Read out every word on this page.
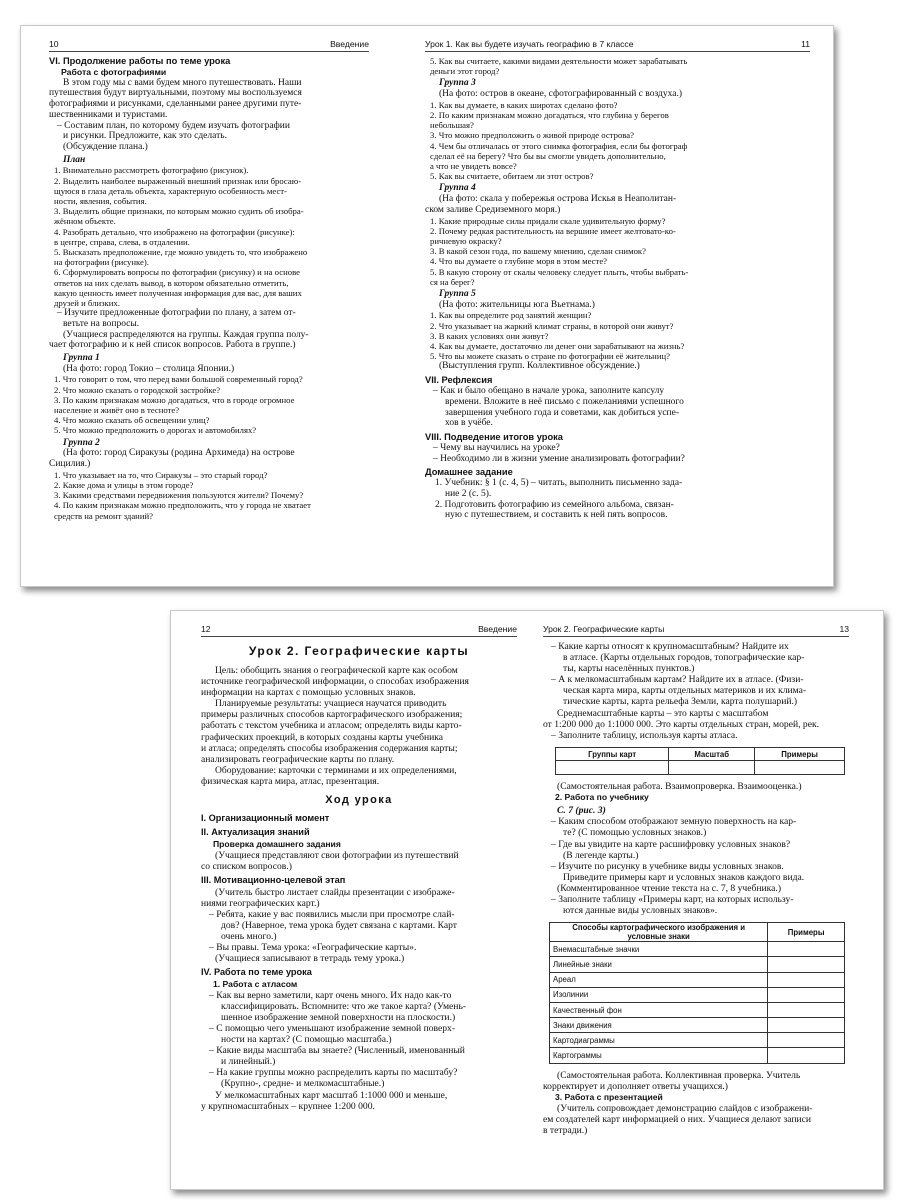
10	Введение

VI. Продолжение работы по теме урока

Работа с фотографиями

В этом году мы с вами будем много путешествовать. Наши

путешествия будут виртуальными, поэтому мы воспользуемся

фотографиями и рисунками, сделанными ранее другими путе-

шественниками и туристами.

– Составим план, по которому будем изучать фотографии

и рисунки. Предложите, как это сделать.

(Обсуждение плана.)

План

1. Внимательно рассмотреть фотографию (рисунок).

2. Выделить наиболее выраженный внешний признак или бросаю-

щуюся в глаза деталь объекта, характерную особенность мест-

ности, явления, события.

3. Выделить общие признаки, по которым можно судить об изобра-

жённом объекте.

4. Разобрать детально, что изображено на фотографии (рисунке):

в центре, справа, слева, в отдалении.

5. Высказать предположение, где можно увидеть то, что изображено

на фотографии (рисунке).

6. Сформулировать вопросы по фотографии (рисунку) и на основе

ответов на них сделать вывод, в котором обязательно отметить,

какую ценность имеет полученная информация для вас, для ваших

друзей и близких.

– Изучите предложенные фотографии по плану, а затем от-

ветьте на вопросы.

(Учащиеся распределяются на группы. Каждая группа полу-

чает фотографию и к ней список вопросов. Работа в группе.)

Группа 1

(На фото: город Токио – столица Японии.)

1. Что говорит о том, что перед вами большой современный город?

2. Что можно сказать о городской застройке?

3. По каким признакам можно догадаться, что в городе огромное

население и живёт оно в тесноте?

4. Что можно сказать об освещении улиц?

5. Что можно предположить о дорогах и автомобилях?

Группа 2

(На фото: город Сиракузы (родина Архимеда) на острове

Сицилия.)

1. Что указывает на то, что Сиракузы – это старый город?

2. Какие дома и улицы в этом городе?

3. Какими средствами передвижения пользуются жители? Почему?

4. По каким признакам можно предположить, что у города не хватает

средств на ремонт зданий?

Урок 1. Как вы будете изучать географию в 7 классе	11

5. Как вы считаете, какими видами деятельности может зарабатывать

деньги этот город?

Группа 3

(На фото: остров в океане, сфотографированный с воздуха.)

1. Как вы думаете, в каких широтах сделано фото?

2. По каким признакам можно догадаться, что глубина у берегов

небольшая?

3. Что можно предположить о живой природе острова?

4. Чем бы отличалась от этого снимка фотография, если бы фотограф

сделал её на берегу? Что бы вы смогли увидеть дополнительно,

а что не увидеть вовсе?

5. Как вы считаете, обитаем ли этот остров?

Группа 4

(На фото: скала у побережья острова Искья в Неаполитан-

ском заливе Средиземного моря.)

1. Какие природные силы придали скале удивительную форму?

2. Почему редкая растительность на вершине имеет желтовато-ко-

ричневую окраску?

3. В какой сезон года, по вашему мнению, сделан снимок?

4. Что вы думаете о глубине моря в этом месте?

5. В какую сторону от скалы человеку следует плыть, чтобы выбрать-

ся на берег?

Группа 5

(На фото: жительницы юга Вьетнама.)

1. Как вы определите род занятий женщин?

2. Что указывает на жаркий климат страны, в которой они живут?

3. В каких условиях они живут?

4. Как вы думаете, достаточно ли денег они зарабатывают на жизнь?

5. Что вы можете сказать о стране по фотографии её жительниц?

(Выступления групп. Коллективное обсуждение.)

VII. Рефлексия

– Как и было обещано в начале урока, заполните капсулу

времени. Вложите в неё письмо с пожеланиями успешного

завершения учебного года и советами, как добиться успе-

хов в учёбе.

VIII. Подведение итогов урока

– Чему вы научились на уроке?

– Необходимо ли в жизни умение анализировать фотографии?

Домашнее задание

1. Учебник: § 1 (с. 4, 5) – читать, выполнить письменно зада-

ние 2 (с. 5).

2. Подготовить фотографию из семейного альбома, связан-

ную с путешествием, и составить к ней пять вопросов.

12	Введение

Урок 2. Географические карты

Цель: обобщить знания о географической карте как особом

источнике географической информации, о способах изображения

информации на картах с помощью условных знаков.

Планируемые результаты: учащиеся научатся приводить

примеры различных способов картографического изображения;

работать с текстом учебника и атласом; определять виды карто-

графических проекций, в которых созданы карты учебника

и атласа; определять способы изображения содержания карты;

анализировать географические карты по плану.

Оборудование: карточки с терминами и их определениями,

физическая карта мира, атлас, презентация.

Ход урока

I. Организационный момент

II. Актуализация знаний

Проверка домашнего задания

(Учащиеся представляют свои фотографии из путешествий

со списком вопросов.)

III. Мотивационно-целевой этап

(Учитель быстро листает слайды презентации с изображе-

ниями географических карт.)

– Ребята, какие у вас появились мысли при просмотре слай-

дов? (Наверное, тема урока будет связана с картами. Карт

очень много.)

– Вы правы. Тема урока: «Географические карты».

(Учащиеся записывают в тетрадь тему урока.)

IV. Работа по теме урока

1. Работа с атласом

– Как вы верно заметили, карт очень много. Их надо как-то

классифицировать. Вспомните: что же такое карта? (Умень-

шенное изображение земной поверхности на плоскости.)

– С помощью чего уменьшают изображение земной поверх-

ности на картах? (С помощью масштаба.)

– Какие виды масштаба вы знаете? (Численный, именованный

и линейный.)

– На какие группы можно распределить карты по масштабу?

(Крупно-, средне- и мелкомасштабные.)

У мелкомасштабных карт масштаб 1:1000 000 и меньше,

у крупномасштабных – крупнее 1:200 000.

Урок 2. Географические карты	13

– Какие карты относят к крупномасштабным? Найдите их

в атласе. (Карты отдельных городов, топографические кар-

ты, карты населённых пунктов.)

– А к мелкомасштабным картам? Найдите их в атласе. (Физи-

ческая карта мира, карты отдельных материков и их клима-

тические карты, карта рельефа Земли, карта полушарий.)

Среднемасштабные карты – это карты с масштабом

от 1:200 000 до 1:1000 000. Это карты отдельных стран, морей, рек.

– Заполните таблицу, используя карты атласа.

Группы карт	Масштаб	Примеры

(Самостоятельная работа. Взаимопроверка. Взаимооценка.)

2. Работа по учебнику

С. 7 (рис. 3)

– Каким способом отображают земную поверхность на кар-

те? (С помощью условных знаков.)

– Где вы увидите на карте расшифровку условных знаков?

(В легенде карты.)

– Изучите по рисунку в учебнике виды условных знаков.

Приведите примеры карт и условных знаков каждого вида.

(Комментированное чтение текста на с. 7, 8 учебника.)

– Заполните таблицу «Примеры карт, на которых использу-

ются данные виды условных знаков».

Способы картографического изображения и условные знаки	Примеры
Внемасштабные значки	
Линейные знаки	
Ареал	
Изолинии	
Качественный фон	
Знаки движения	
Картодиаграммы	
Картограммы	

(Самостоятельная работа. Коллективная проверка. Учитель

корректирует и дополняет ответы учащихся.)

3. Работа с презентацией

(Учитель сопровождает демонстрацию слайдов с изображени-

ем создателей карт информацией о них. Учащиеся делают записи

в тетради.)
